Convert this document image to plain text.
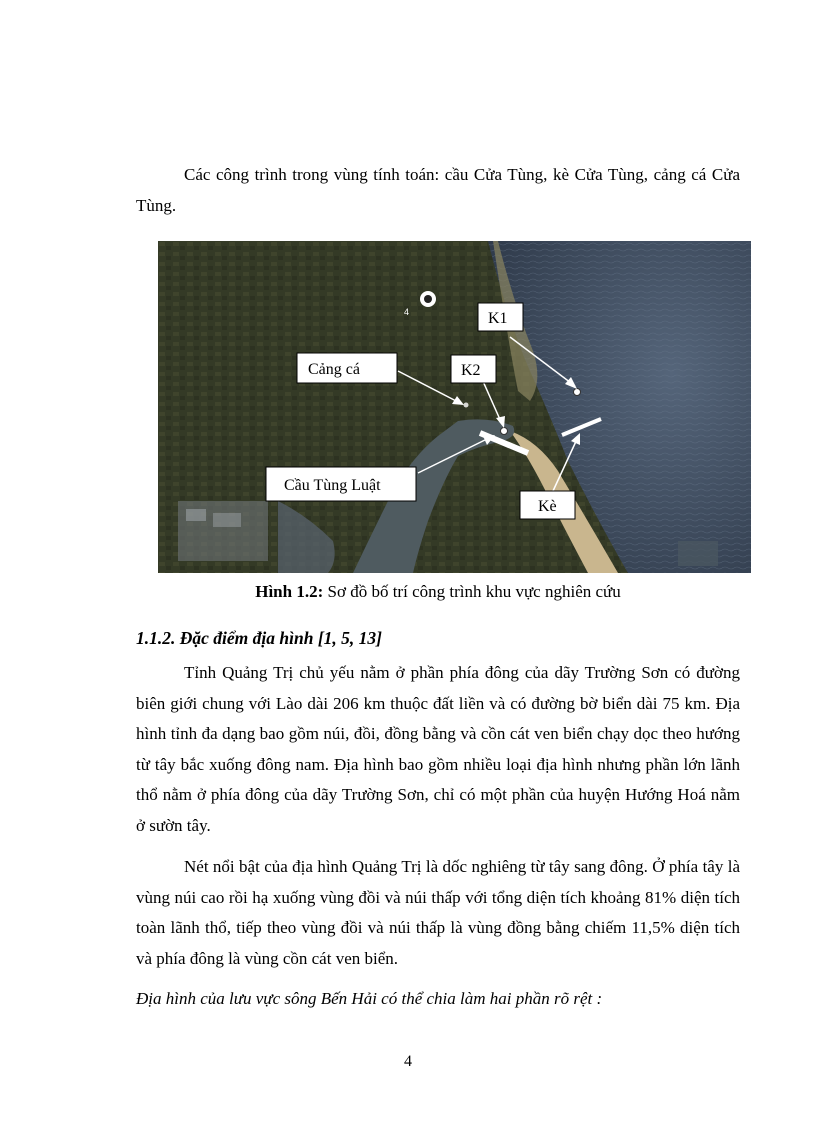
Các công trình trong vùng tính toán: cầu Cửa Tùng, kè Cửa Tùng, cảng cá Cửa Tùng.

4	K1
K2
Cảng cá
Cầu Tùng Luật
Kè
Hình 1.2: Sơ đồ bố trí công trình khu vực nghiên cứu
1.1.2. Đặc điểm địa hình [1, 5, 13]

Tỉnh Quảng Trị chủ yếu nằm ở phần phía đông của dãy Trường Sơn có đường biên giới chung với Lào dài 206 km thuộc đất liền và có đường bờ biển dài 75 km. Địa hình tỉnh đa dạng bao gồm núi, đồi, đồng bằng và cồn cát ven biển chạy dọc theo hướng từ tây bắc xuống đông nam. Địa hình bao gồm nhiều loại địa hình nhưng phần lớn lãnh thổ nằm ở phía đông của dãy Trường Sơn, chỉ có một phần của huyện Hướng Hoá nằm ở sườn tây.

Nét nổi bật của địa hình Quảng Trị là dốc nghiêng từ tây sang đông. Ở phía tây là vùng núi cao rồi hạ xuống vùng đồi và núi thấp với tổng diện tích khoảng 81% diện tích toàn lãnh thổ, tiếp theo vùng đồi và núi thấp là vùng đồng bằng chiếm 11,5% diện tích và phía đông là vùng cồn cát ven biển.

Địa hình của lưu vực sông Bến Hải có thể chia làm hai phần rõ rệt :

4
